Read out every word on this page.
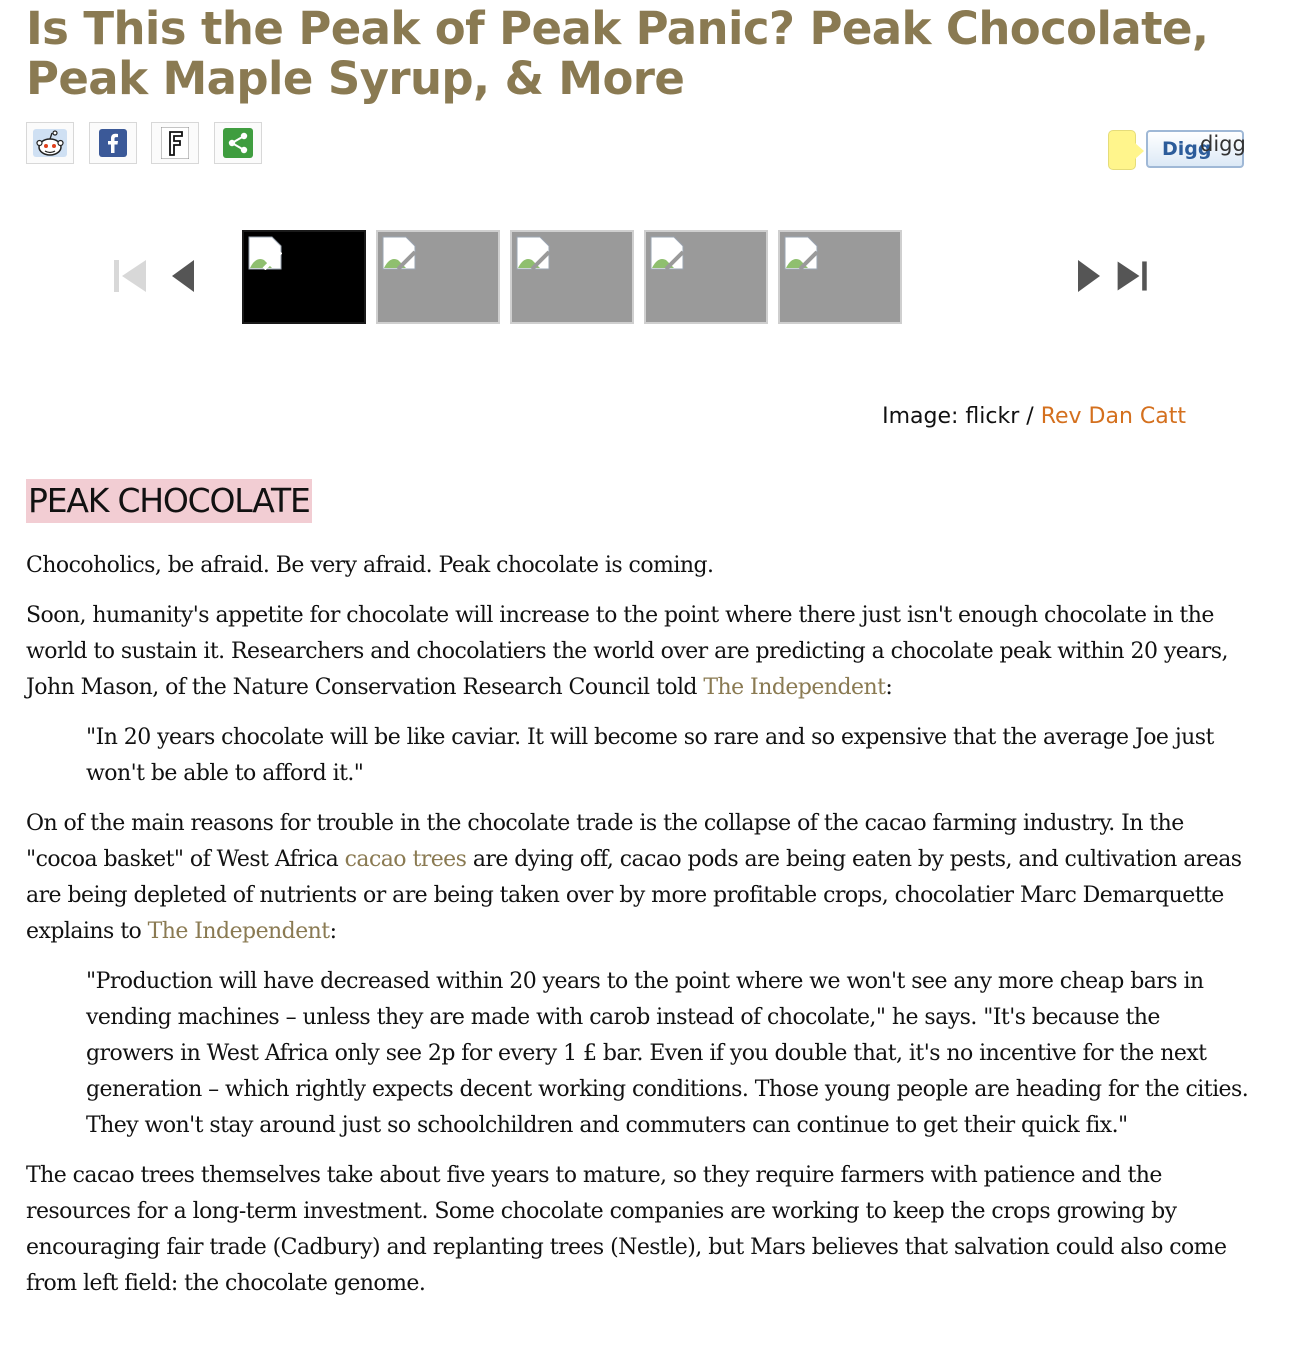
Is This the Peak of Peak Panic? Peak Chocolate, Peak Maple Syrup, & More
Digg
digg
Image: flickr / Rev Dan Catt
PEAK CHOCOLATE

Chocoholics, be afraid. Be very afraid. Peak chocolate is coming.

Soon, humanity's appetite for chocolate will increase to the point where there just isn't enough chocolate in the world to sustain it. Researchers and chocolatiers the world over are predicting a chocolate peak within 20 years, John Mason, of the Nature Conservation Research Council told The Independent:

"In 20 years chocolate will be like caviar. It will become so rare and so expensive that the average Joe just won't be able to afford it."

On of the main reasons for trouble in the chocolate trade is the collapse of the cacao farming industry. In the "cocoa basket" of West Africa cacao trees are dying off, cacao pods are being eaten by pests, and cultivation areas are being depleted of nutrients or are being taken over by more profitable crops, chocolatier Marc Demarquette explains to The Independent:

"Production will have decreased within 20 years to the point where we won't see any more cheap bars in vending machines – unless they are made with carob instead of chocolate," he says. "It's because the growers in West Africa only see 2p for every 1 £ bar. Even if you double that, it's no incentive for the next generation – which rightly expects decent working conditions. Those young people are heading for the cities. They won't stay around just so schoolchildren and commuters can continue to get their quick fix."

The cacao trees themselves take about five years to mature, so they require farmers with patience and the resources for a long-term investment. Some chocolate companies are working to keep the crops growing by encouraging fair trade (Cadbury) and replanting trees (Nestle), but Mars believes that salvation could also come from left field: the chocolate genome.
